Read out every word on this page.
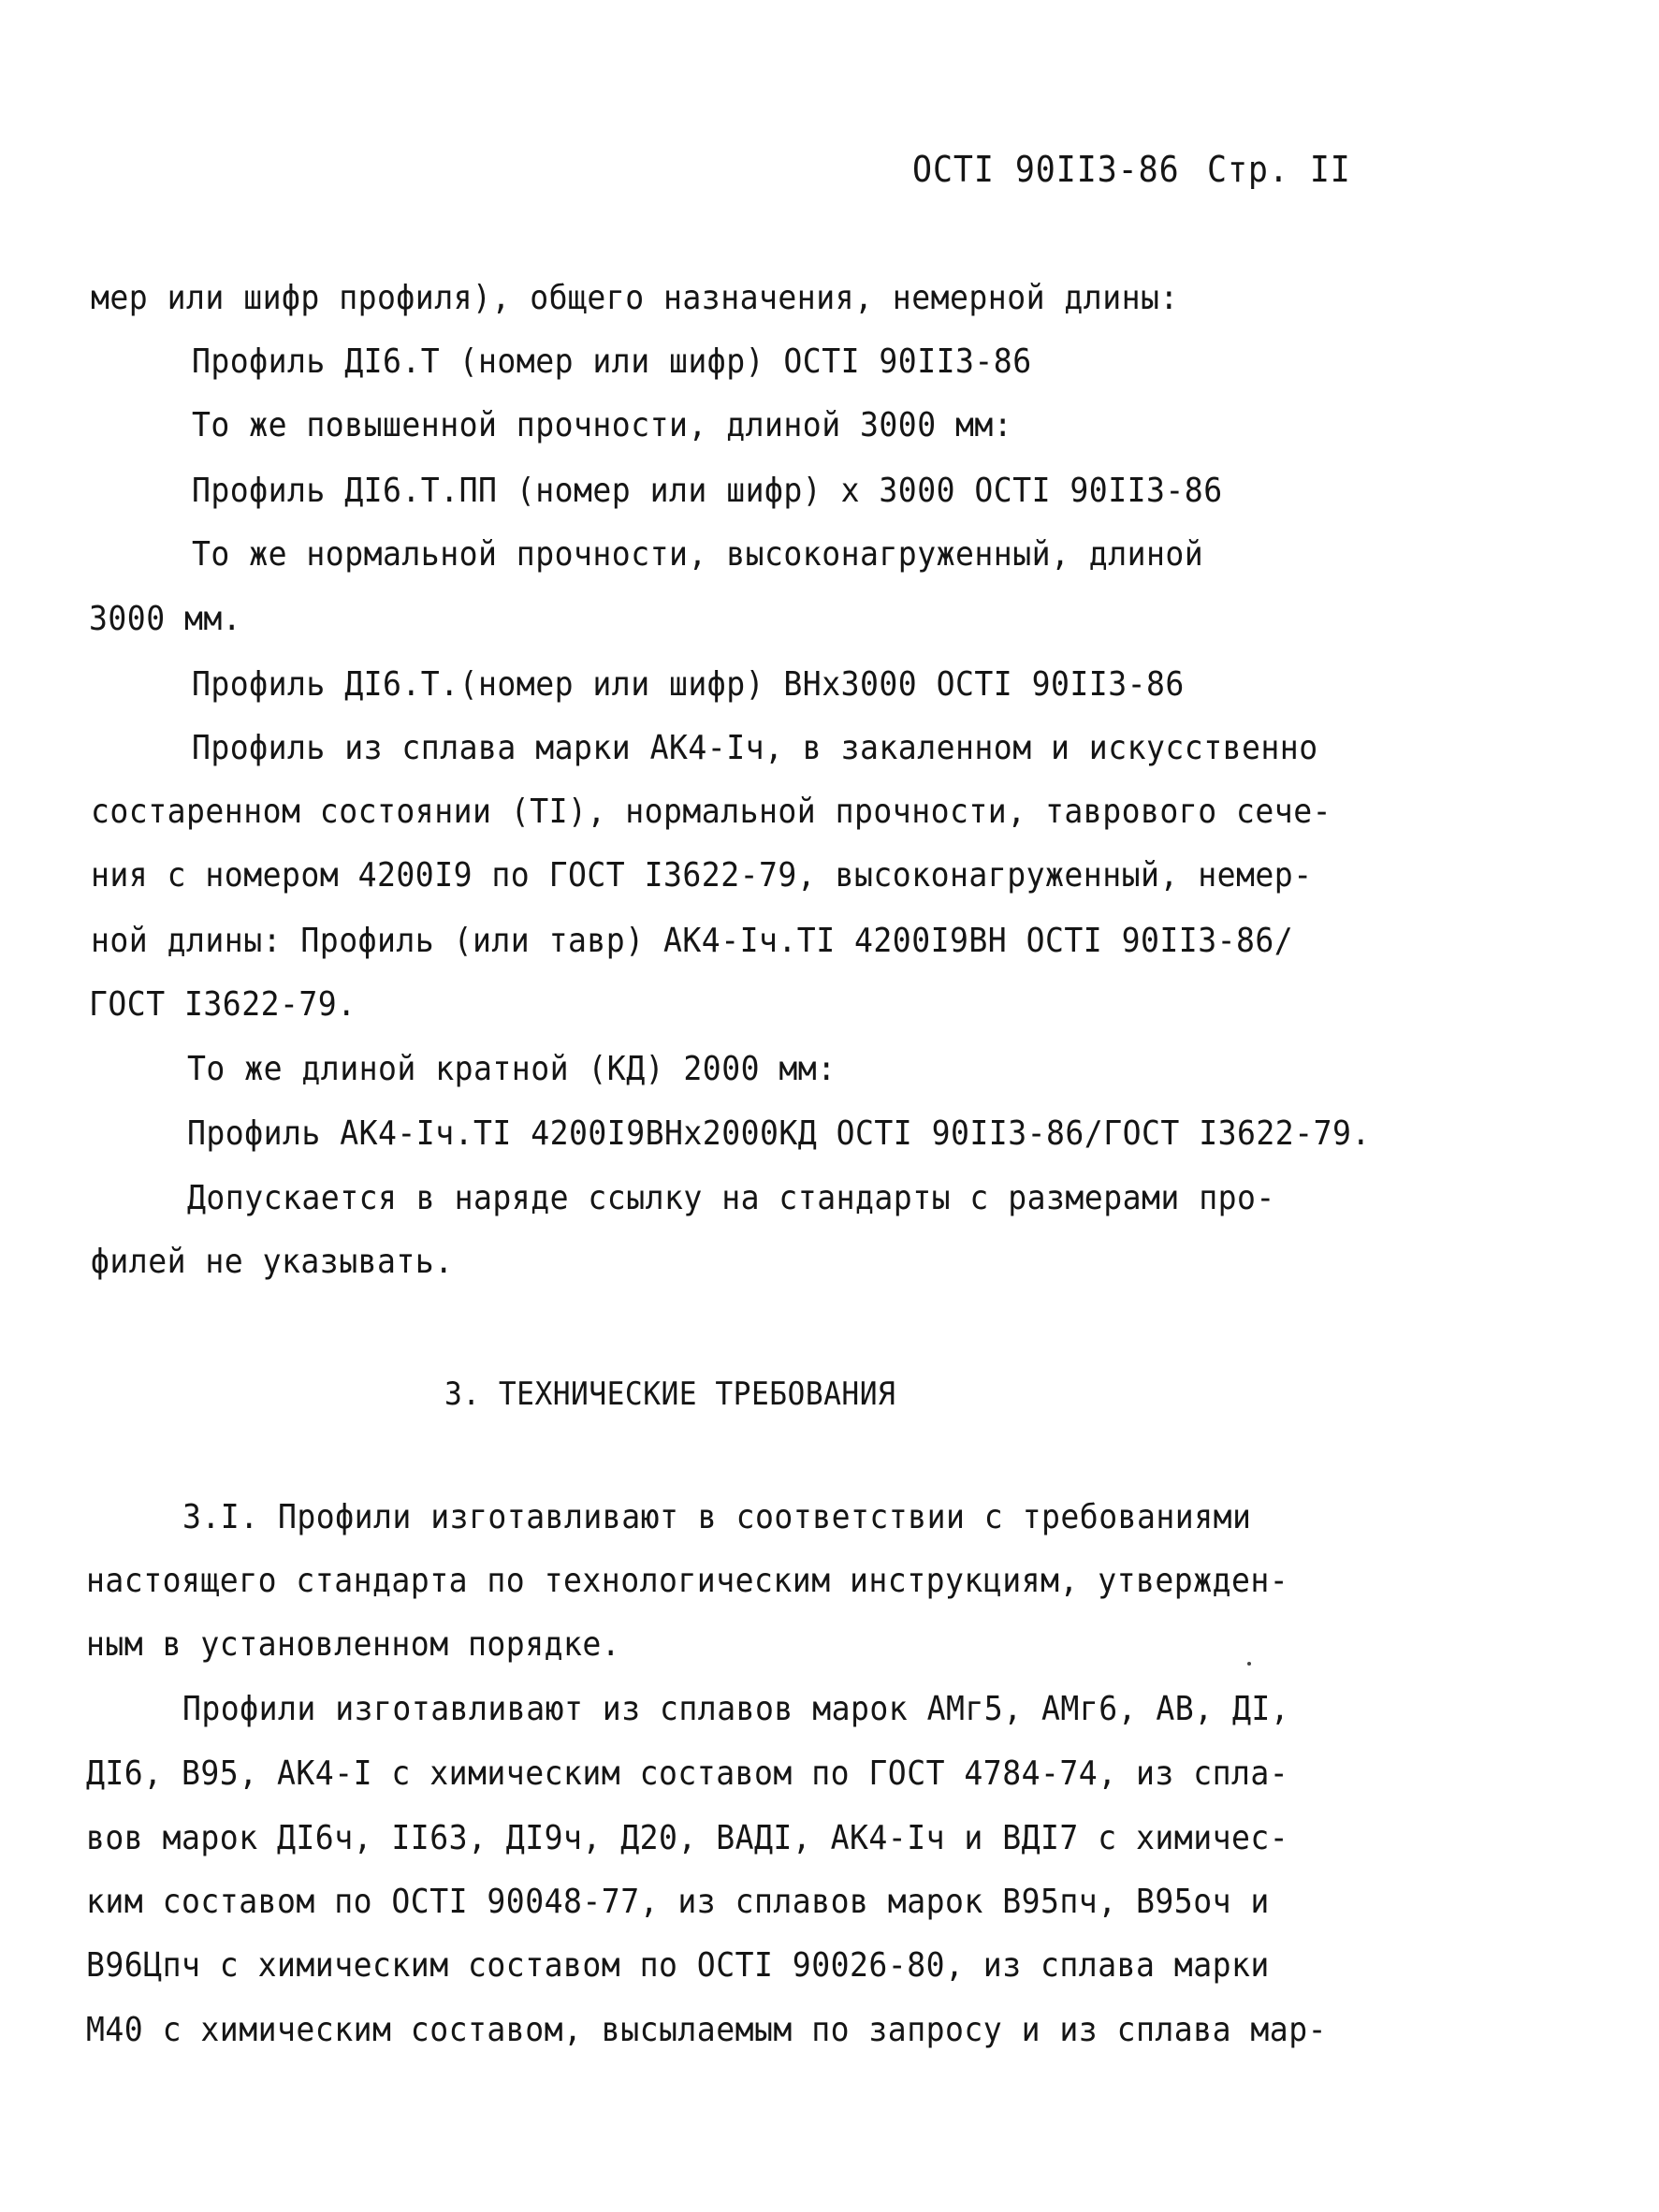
ОСТI 90II3-86 Стр. II
мер или шифр профиля), общего назначения, немерной длины:
Профиль ДI6.Т (номер или шифр) ОСТI 90II3-86
То же повышенной прочности, длиной 3000 мм:
Профиль ДI6.Т.ПП (номер или шифр) х 3000 ОСТI 90II3-86
То же нормальной прочности, высоконагруженный, длиной
3000 мм.
Профиль ДI6.Т.(номер или шифр) ВНх3000 ОСТI 90II3-86
Профиль из сплава марки АК4-Iч, в закаленном и искусственно
состаренном состоянии (ТI), нормальной прочности, таврового сече-
ния с номером 4200I9 по ГОСТ I3622-79, высоконагруженный, немер-
ной длины: Профиль (или тавр) АК4-Iч.ТI 4200I9ВН ОСТI 90II3-86/
ГОСТ I3622-79.
То же длиной кратной (КД) 2000 мм:
Профиль АК4-Iч.ТI 4200I9ВНх2000КД ОСТI 90II3-86/ГОСТ I3622-79.
Допускается в наряде ссылку на стандарты с размерами про-
филей не указывать.
3. ТЕХНИЧЕСКИЕ ТРЕБОВАНИЯ
3.I. Профили изготавливают в соответствии с требованиями
настоящего стандарта по технологическим инструкциям, утвержден-
ным в установленном порядке.
Профили изготавливают из сплавов марок АМг5, АМг6, АВ, ДI,
ДI6, В95, АК4-I с химическим составом по ГОСТ 4784-74, из спла-
вов марок ДI6ч, II63, ДI9ч, Д20, ВАДI, АК4-Iч и ВДI7 с химичес-
ким составом по ОСТI 90048-77, из сплавов марок В95пч, В95оч и
В96Цпч с химическим составом по ОСТI 90026-80, из сплава марки
М40 с химическим составом, высылаемым по запросу и из сплава мар-
